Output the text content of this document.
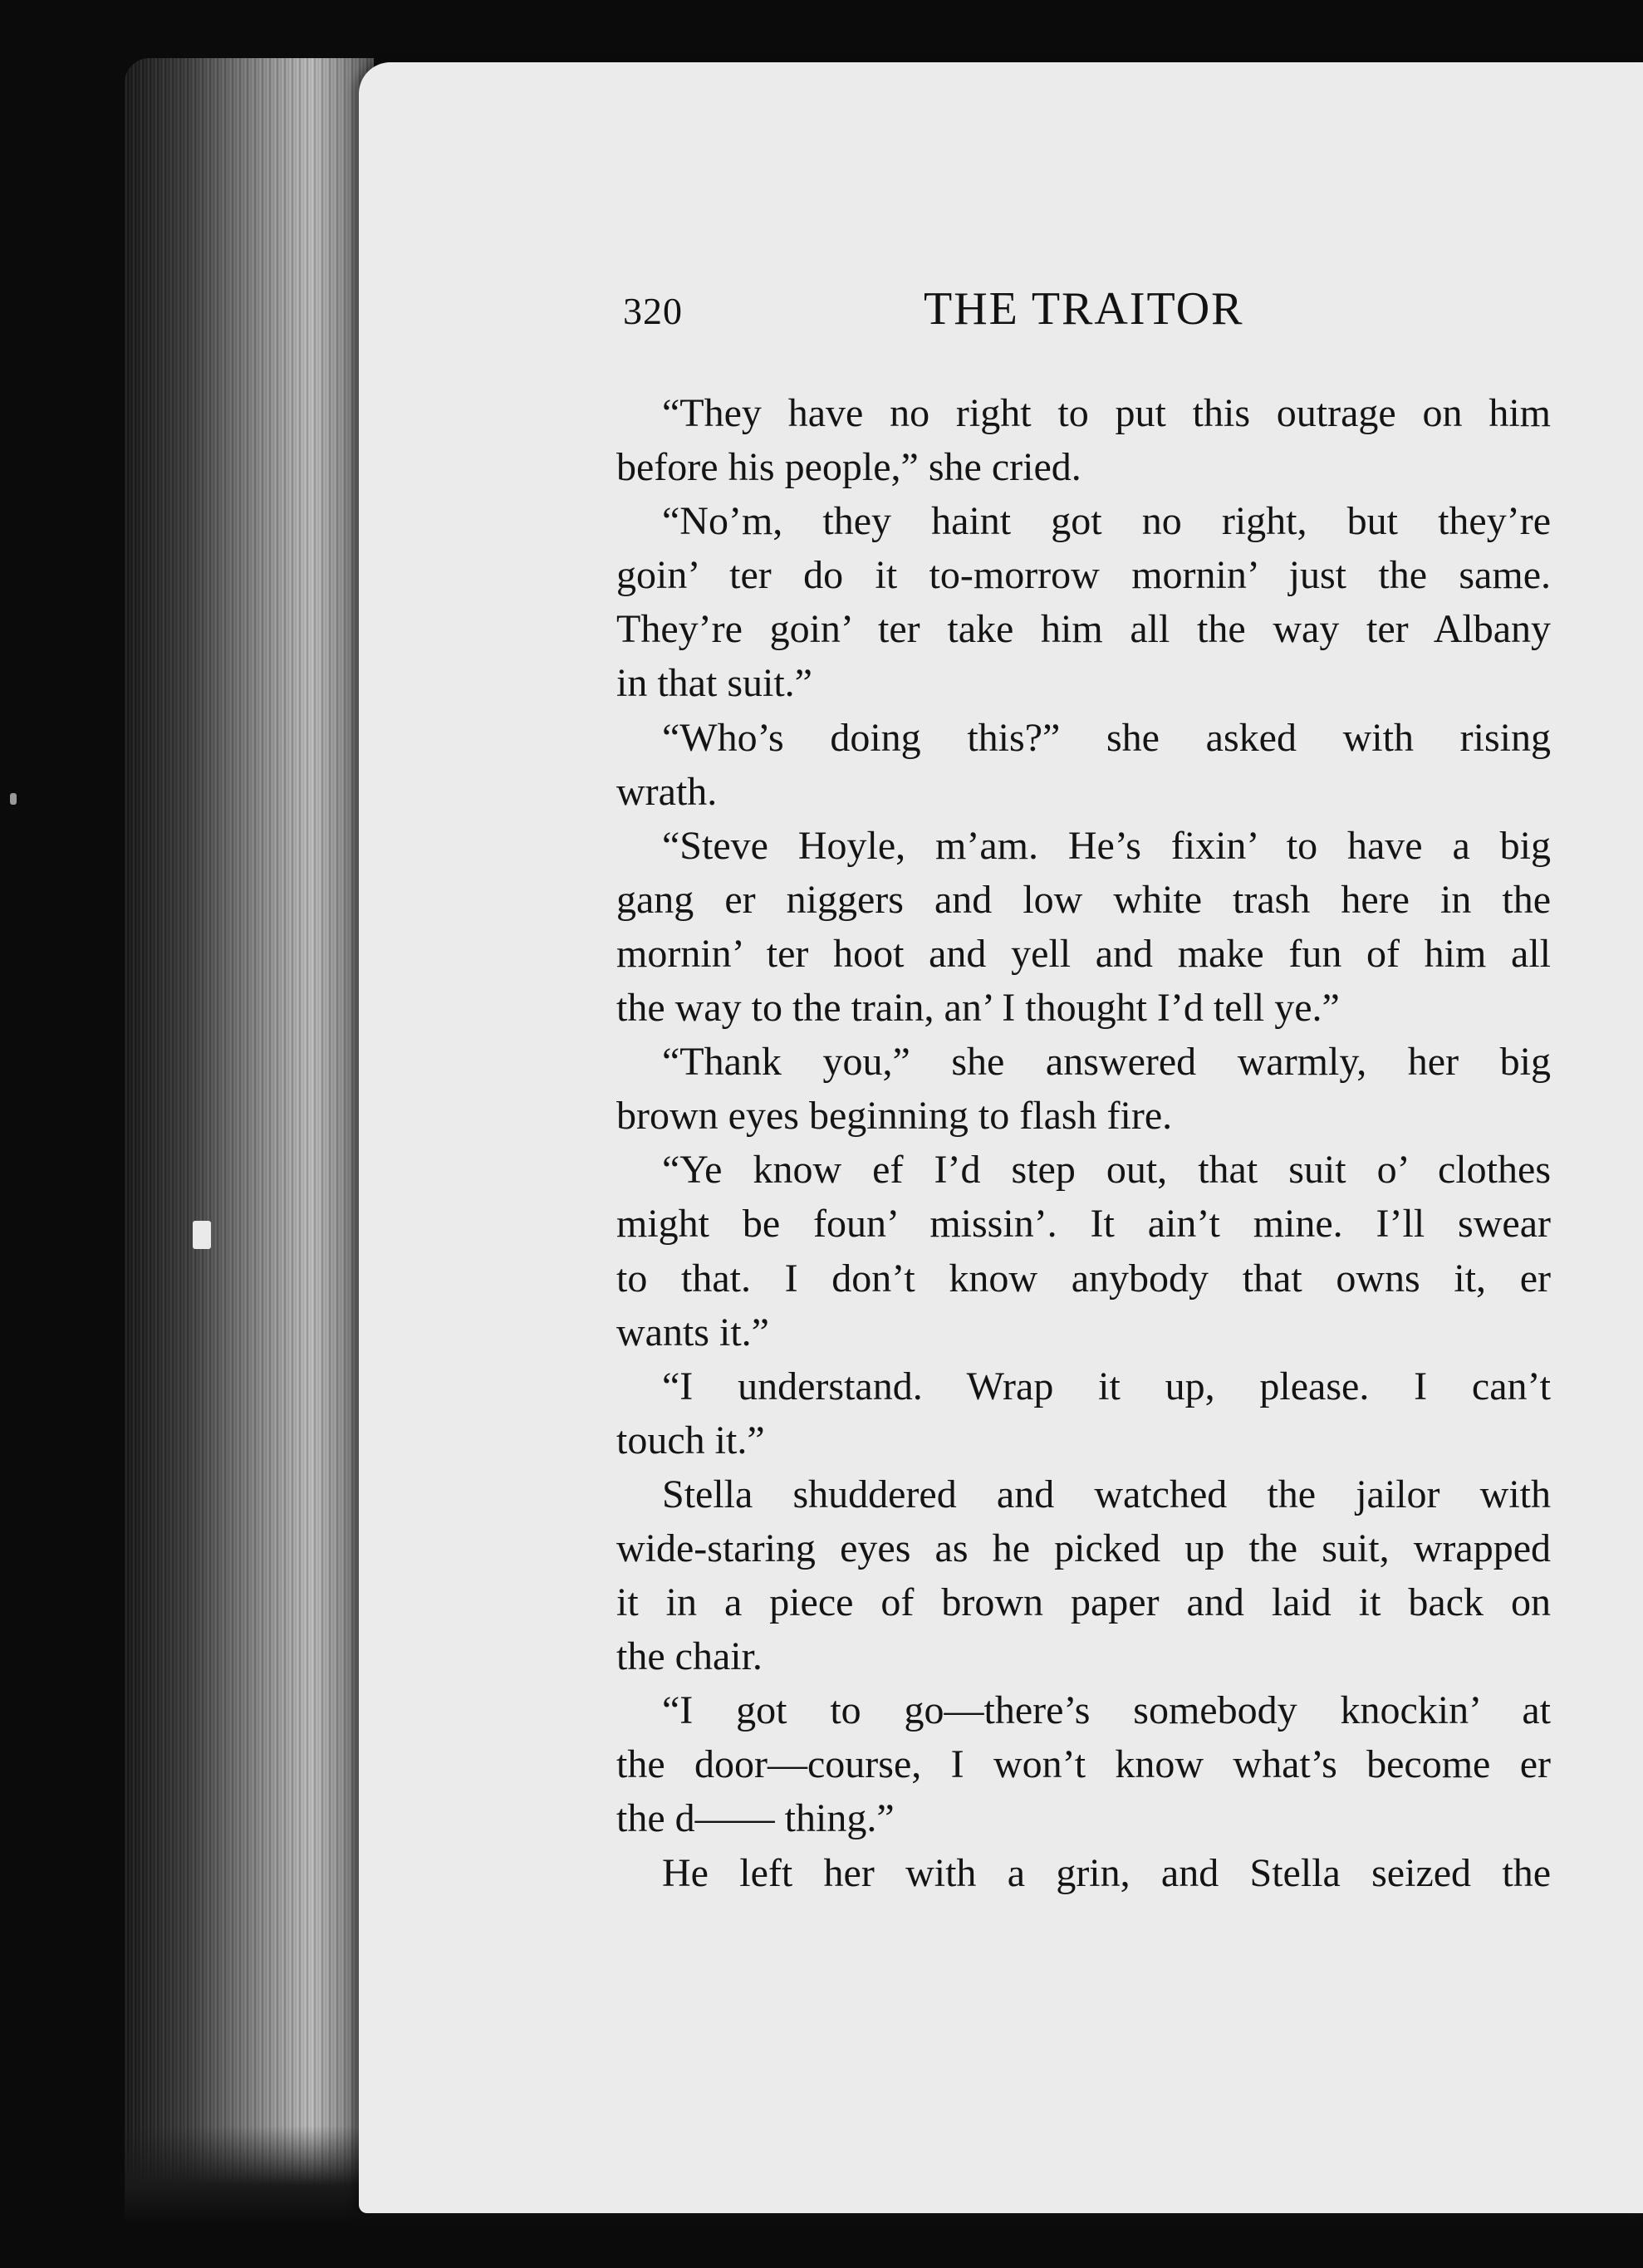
320	THE TRAITOR
“They have no right to put this outrage on him
before his people,” she cried.
“No’m, they haint got no right, but they’re
goin’ ter do it to-morrow mornin’ just the same.
They’re goin’ ter take him all the way ter Albany
in that suit.”
“Who’s doing this?” she asked with rising
wrath.
“Steve Hoyle, m’am. He’s fixin’ to have a big
gang er niggers and low white trash here in the
mornin’ ter hoot and yell and make fun of him all
the way to the train, an’ I thought I’d tell ye.”
“Thank you,” she answered warmly, her big
brown eyes beginning to flash fire.
“Ye know ef I’d step out, that suit o’ clothes
might be foun’ missin’. It ain’t mine. I’ll swear
to that. I don’t know anybody that owns it, er
wants it.”
“I understand. Wrap it up, please. I can’t
touch it.”
Stella shuddered and watched the jailor with
wide-staring eyes as he picked up the suit, wrapped
it in a piece of brown paper and laid it back on
the chair.
“I got to go—there’s somebody knockin’ at
the door—course, I won’t know what’s become er
the d—— thing.”
He left her with a grin, and Stella seized the
